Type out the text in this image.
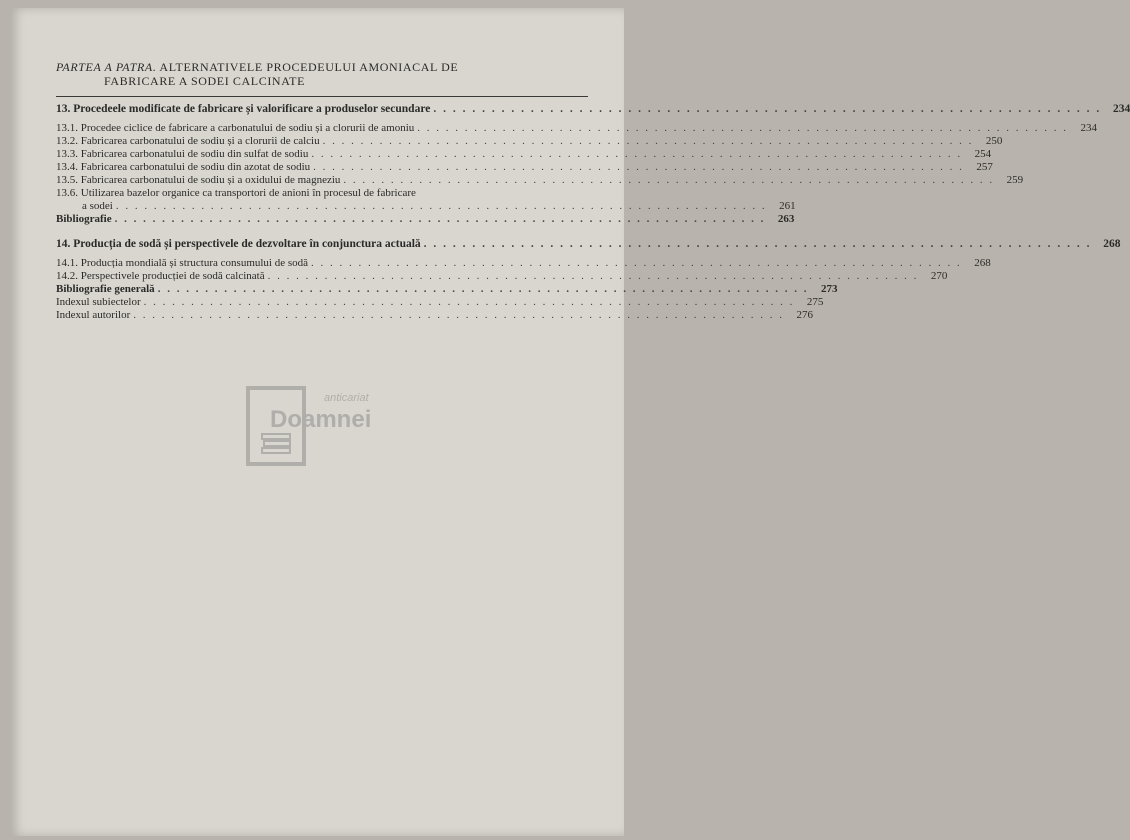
PARTEA A PATRA. ALTERNATIVELE PROCEDEULUI AMONIACAL DE
FABRICARE A SODEI CALCINATE
13. Procedeele modificate de fabricare și valorificare a produselor secundare . . .	234
13.1. Procedee ciclice de fabricare a carbonatului de sodiu și a clorurii de amoniu . . .	234
13.2. Fabricarea carbonatului de sodiu și a clorurii de calciu . . .	250
13.3. Fabricarea carbonatului de sodiu din sulfat de sodiu . . .	254
13.4. Fabricarea carbonatului de sodiu din azotat de sodiu . . .	257
13.5. Fabricarea carbonatului de sodiu și a oxidului de magneziu . . .	259
13.6. Utilizarea bazelor organice ca transportori de anioni în procesul de fabricare
a sodei . . .	261
Bibliografie . . .	263
14. Producția de sodă și perspectivele de dezvoltare în conjunctura actuală . . .	268
14.1. Producția mondială și structura consumului de sodă . . .	268
14.2. Perspectivele producției de sodă calcinată . . .	270
Bibliografie generală . . .	273
Indexul subiectelor . . .	275
Indexul autorilor . . .	276
anticariat
Doamnei
